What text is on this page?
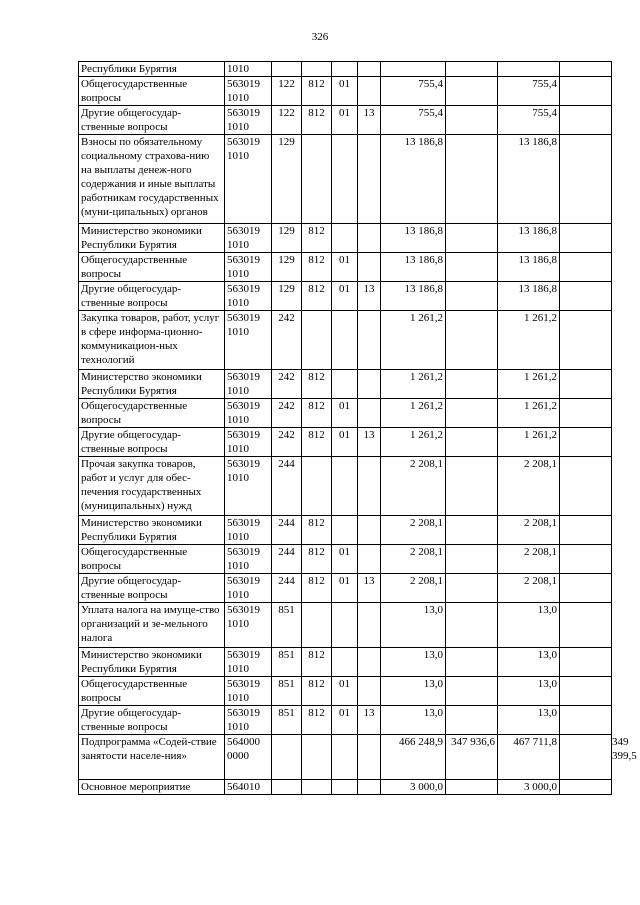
326
Республики Бурятия	1010									
Общегосударственные вопросы	563019 1010	122	812	01		755,4		755,4		
Другие общегосудар-ственные вопросы	563019 1010	122	812	01	13	755,4		755,4		
Взносы по обязательному социальному страхова-нию на выплаты денеж-ного содержания и иные выплаты работникам государственных (муни-ципальных) органов	563019 1010	129				13 186,8		13 186,8		
Министерство экономики Республики Бурятия	563019 1010	129	812			13 186,8		13 186,8		
Общегосударственные вопросы	563019 1010	129	812	01		13 186,8		13 186,8		
Другие общегосудар-ственные вопросы	563019 1010	129	812	01	13	13 186,8		13 186,8		
Закупка товаров, работ, услуг в сфере информа-ционно-коммуникацион-ных технологий	563019 1010	242				1 261,2		1 261,2		
Министерство экономики Республики Бурятия	563019 1010	242	812			1 261,2		1 261,2		
Общегосударственные вопросы	563019 1010	242	812	01		1 261,2		1 261,2		
Другие общегосудар-ственные вопросы	563019 1010	242	812	01	13	1 261,2		1 261,2		
Прочая закупка товаров, работ и услуг для обес-печения государственных (муниципальных) нужд	563019 1010	244				2 208,1		2 208,1		
Министерство экономики Республики Бурятия	563019 1010	244	812			2 208,1		2 208,1		
Общегосударственные вопросы	563019 1010	244	812	01		2 208,1		2 208,1		
Другие общегосудар-ственные вопросы	563019 1010	244	812	01	13	2 208,1		2 208,1		
Уплата налога на имуще-ство организаций и зе-мельного налога	563019 1010	851				13,0		13,0		
Министерство экономики Республики Бурятия	563019 1010	851	812			13,0		13,0		
Общегосударственные вопросы	563019 1010	851	812	01		13,0		13,0		
Другие общегосудар-ственные вопросы	563019 1010	851	812	01	13	13,0		13,0		
Подпрограмма «Содей-ствие занятости населе-ния»	564000 0000					466 248,9	347 936,6	467 711,8		349 399,5
Основное мероприятие	564010					3 000,0		3 000,0		
